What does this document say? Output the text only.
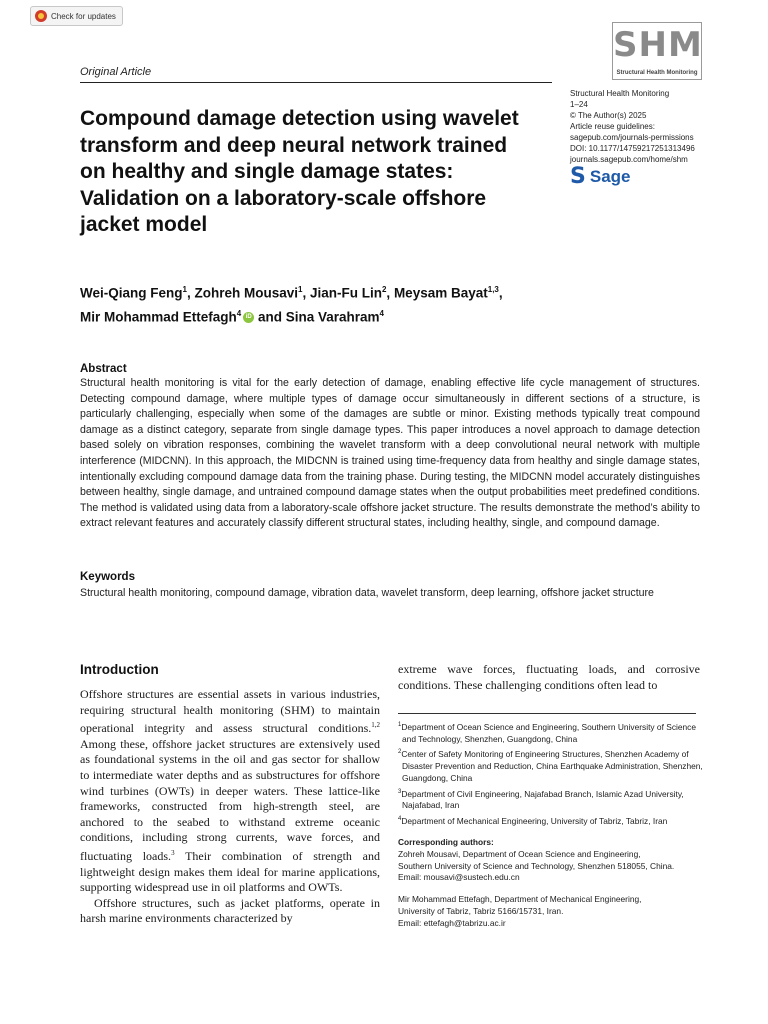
Check for updates
Original Article
SHM
Structural Health Monitoring
Structural Health Monitoring
1–24
© The Author(s) 2025
Article reuse guidelines:
sagepub.com/journals-permissions
DOI: 10.1177/14759217251313496
journals.sagepub.com/home/shm
S Sage
Compound damage detection using wavelet transform and deep neural network trained on healthy and single damage states: Validation on a laboratory-scale offshore jacket model
Wei-Qiang Feng$^1$, Zohreh Mousavi$^1$, Jian-Fu Lin$^2$, Meysam Bayat$^{1,3}$,
Mir Mohammad Ettefagh$^4$ iD and Sina Varahram$^4$
Abstract
Structural health monitoring is vital for the early detection of damage, enabling effective life cycle management of structures. Detecting compound damage, where multiple types of damage occur simultaneously in different sections of a structure, is particularly challenging, especially when some of the damages are subtle or minor. Existing methods typically treat compound damage as a distinct category, separate from single damage types. This paper introduces a novel approach to damage detection based solely on vibration responses, combining the wavelet transform with a deep convolutional neural network with multiple interference (MIDCNN). In this approach, the MIDCNN is trained using time-frequency data from healthy and single damage states, intentionally excluding compound damage data from the training phase. During testing, the MIDCNN model accurately distinguishes between healthy, single damage, and untrained compound damage states when the output probabilities meet predefined conditions. The method is validated using data from a laboratory-scale offshore jacket structure. The results demonstrate the method’s ability to extract relevant features and accurately classify different structural states, including healthy, single, and compound damage.
Keywords
Structural health monitoring, compound damage, vibration data, wavelet transform, deep learning, offshore jacket structure
Introduction

Offshore structures are essential assets in various industries, requiring structural health monitoring (SHM) to maintain operational integrity and assess structural conditions.$^{1,2}$ Among these, offshore jacket structures are extensively used as foundational systems in the oil and gas sector for shallow to intermediate water depths and as substructures for offshore wind turbines (OWTs) in deeper waters. These lattice-like frameworks, constructed from high-strength steel, are anchored to the seabed to withstand extreme oceanic conditions, including strong currents, wave forces, and fluctuating loads.$^3$ Their combination of strength and lightweight design makes them ideal for marine applications, supporting widespread use in oil platforms and OWTs.

Offshore structures, such as jacket platforms, operate in harsh marine environments characterized by

extreme wave forces, fluctuating loads, and corrosive conditions. These challenging conditions often lead to
$^1$Department of Ocean Science and Engineering, Southern University of Science and Technology, Shenzhen, Guangdong, China
$^2$Center of Safety Monitoring of Engineering Structures, Shenzhen Academy of Disaster Prevention and Reduction, China Earthquake Administration, Shenzhen, Guangdong, China
$^3$Department of Civil Engineering, Najafabad Branch, Islamic Azad University, Najafabad, Iran
$^4$Department of Mechanical Engineering, University of Tabriz, Tabriz, Iran
Corresponding authors:
Zohreh Mousavi, Department of Ocean Science and Engineering,
Southern University of Science and Technology, Shenzhen 518055, China.
Email: mousavi@sustech.edu.cn
Mir Mohammad Ettefagh, Department of Mechanical Engineering,
University of Tabriz, Tabriz 5166/15731, Iran.
Email: ettefagh@tabrizu.ac.ir
